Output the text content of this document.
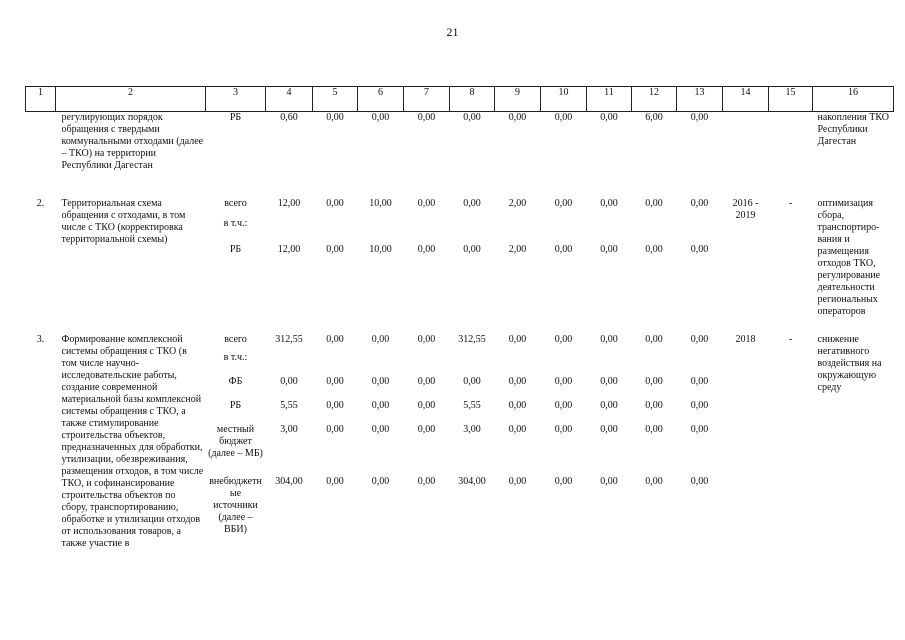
21
1	2	3	4	5	6	7	8	9	10	11	12	13	14	15	16
	регулирующих порядок обращения с твердыми коммунальными отходами (далее – ТКО) на территории Республики Дагестан	РБ	0,60	0,00	0,00	0,00	0,00	0,00	0,00	0,00	6,00	0,00			накопления ТКО Республики Дагестан
2.	Территориальная схема обращения с отходами, в том числе с ТКО (корректировка территориальной схемы)	всего	12,00	0,00	10,00	0,00	0,00	2,00	0,00	0,00	0,00	0,00	2016 - 2019	-	оптимизация сбора, транспортиро-вания и размещения отходов ТКО, регулирование деятельности региональных операторов
		в т.ч.:													
		РБ	12,00	0,00	10,00	0,00	0,00	2,00	0,00	0,00	0,00	0,00			
3.	Формирование комплексной системы обращения с ТКО (в том числе научно-исследовательские работы, создание современной материальной базы комплексной системы обращения с ТКО, а также стимулирование строительства объектов, предназначенных для обработки, утилизации, обезвреживания, размещения отходов, в том числе ТКО, и софинансирование строительства объектов по сбору, транспортированию, обработке и утилизации отходов от использования товаров, а также участие в	всего	312,55	0,00	0,00	0,00	312,55	0,00	0,00	0,00	0,00	0,00	2018	-	снижение негативного воздействия на окружающую среду
		в т.ч.:													
		ФБ	0,00	0,00	0,00	0,00	0,00	0,00	0,00	0,00	0,00	0,00			
		РБ	5,55	0,00	0,00	0,00	5,55	0,00	0,00	0,00	0,00	0,00			
		местный бюджет (далее – МБ)	3,00	0,00	0,00	0,00	3,00	0,00	0,00	0,00	0,00	0,00			
		внебюджетные источники (далее – ВБИ)	304,00	0,00	0,00	0,00	304,00	0,00	0,00	0,00	0,00	0,00			
